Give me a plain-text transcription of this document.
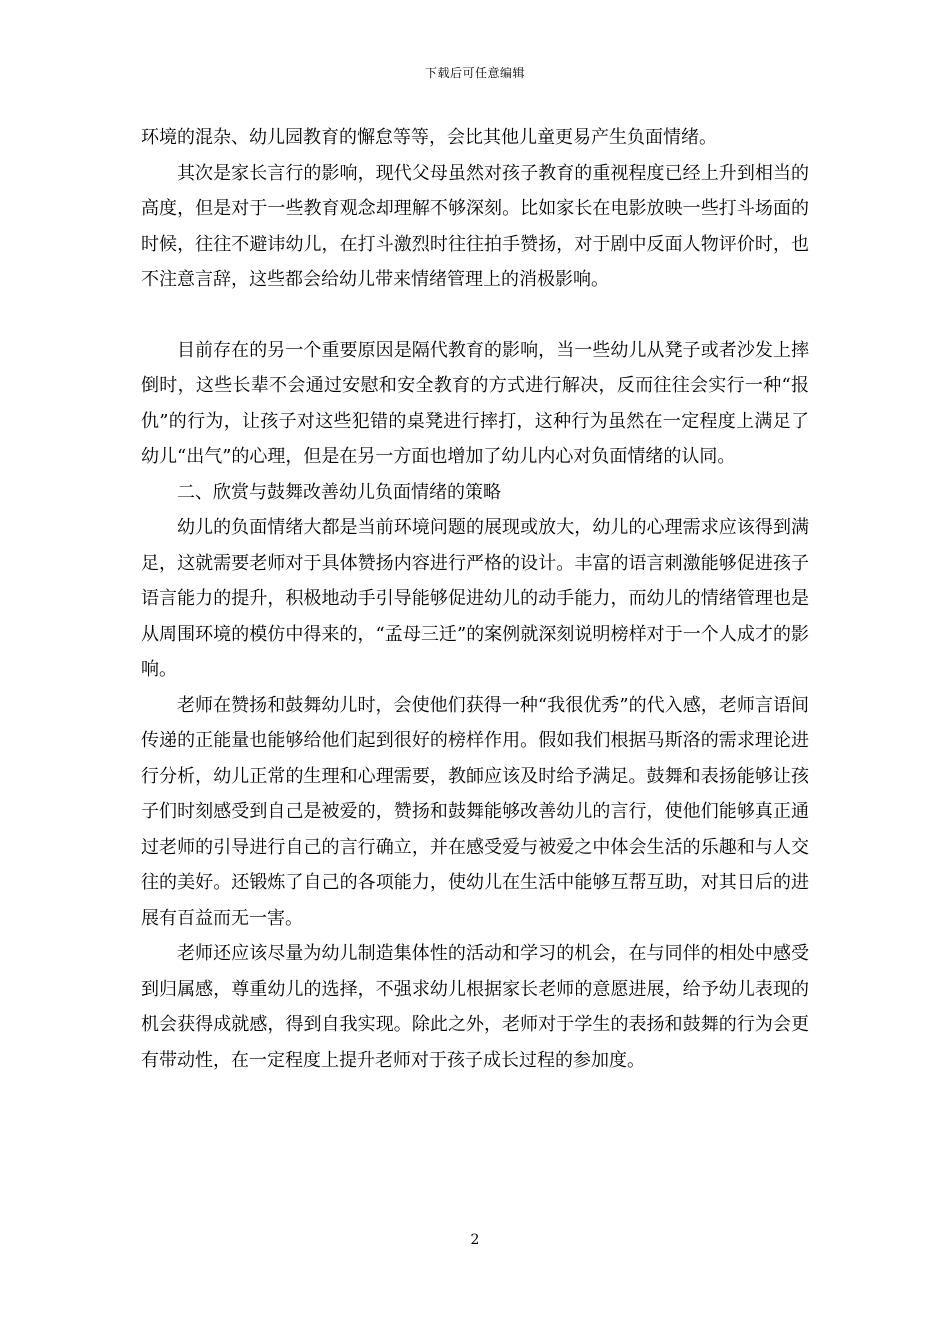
下载后可任意编辑

环境的混杂、幼儿园教育的懈怠等等，会比其他儿童更易产生负面情绪。

其次是家长言行的影响，现代父母虽然对孩子教育的重视程度已经上升到相当的高度，但是对于一些教育观念却理解不够深刻。比如家长在电影放映一些打斗场面的时候，往往不避讳幼儿，在打斗激烈时往往拍手赞扬，对于剧中反面人物评价时，也不注意言辞，这些都会给幼儿带来情绪管理上的消极影响。

目前存在的另一个重要原因是隔代教育的影响，当一些幼儿从凳子或者沙发上摔倒时，这些长辈不会通过安慰和安全教育的方式进行解决，反而往往会实行一种“报仇”的行为，让孩子对这些犯错的桌凳进行摔打，这种行为虽然在一定程度上满足了幼儿“出气”的心理，但是在另一方面也增加了幼儿内心对负面情绪的认同。

二、欣赏与鼓舞改善幼儿负面情绪的策略

幼儿的负面情绪大都是当前环境问题的展现或放大，幼儿的心理需求应该得到满足，这就需要老师对于具体赞扬内容进行严格的设计。丰富的语言刺激能够促进孩子语言能力的提升，积极地动手引导能够促进幼儿的动手能力，而幼儿的情绪管理也是从周围环境的模仿中得来的，“孟母三迁”的案例就深刻说明榜样对于一个人成才的影响。

老师在赞扬和鼓舞幼儿时，会使他们获得一种“我很优秀”的代入感，老师言语间传递的正能量也能够给他们起到很好的榜样作用。假如我们根据马斯洛的需求理论进行分析，幼儿正常的生理和心理需要，教師应该及时给予满足。鼓舞和表扬能够让孩子们时刻感受到自己是被爱的，赞扬和鼓舞能够改善幼儿的言行，使他们能够真正通过老师的引导进行自己的言行确立，并在感受爱与被爱之中体会生活的乐趣和与人交往的美好。还锻炼了自己的各项能力，使幼儿在生活中能够互帮互助，对其日后的进展有百益而无一害。

老师还应该尽量为幼儿制造集体性的活动和学习的机会，在与同伴的相处中感受到归属感，尊重幼儿的选择，不强求幼儿根据家长老师的意愿进展，给予幼儿表现的机会获得成就感，得到自我实现。除此之外，老师对于学生的表扬和鼓舞的行为会更有带动性，在一定程度上提升老师对于孩子成长过程的参加度。

2
